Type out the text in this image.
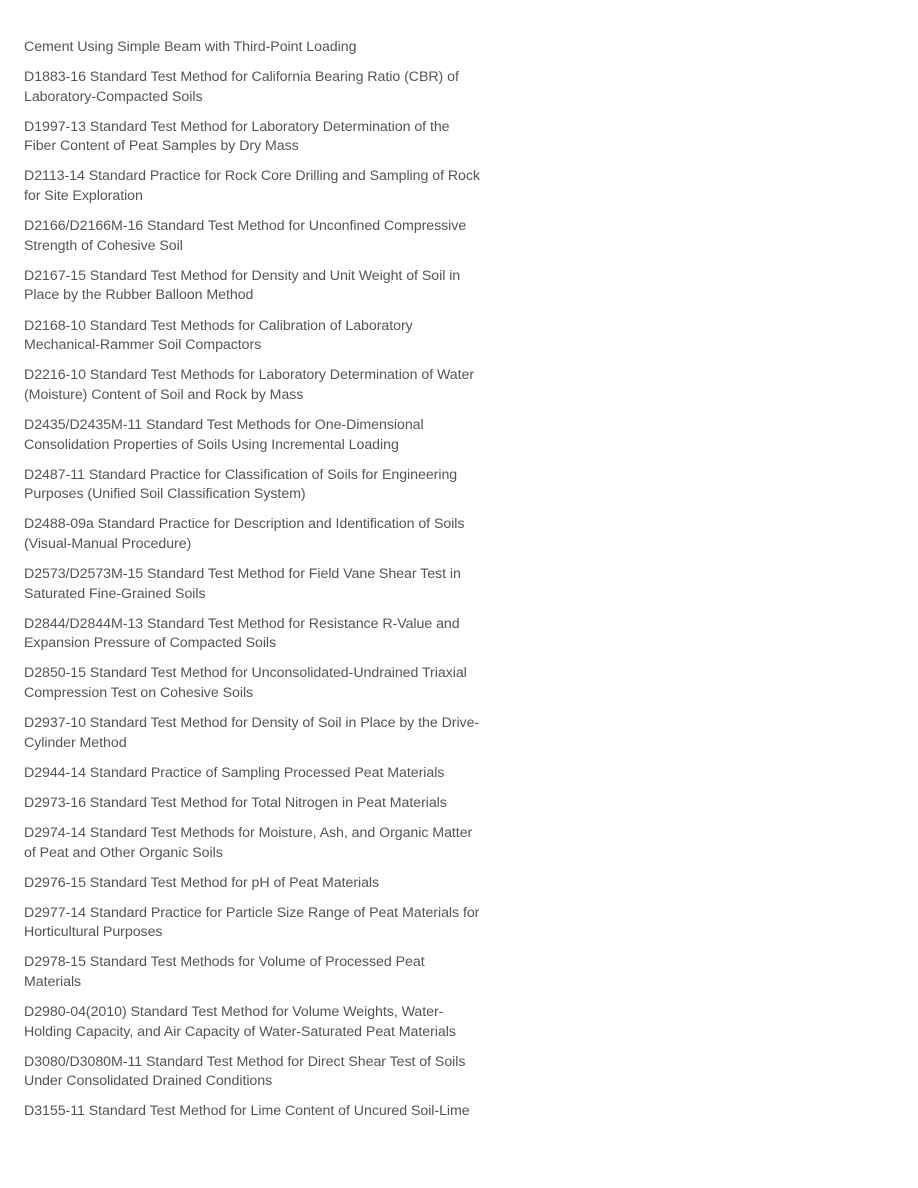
Cement Using Simple Beam with Third-Point Loading

D1883-16 Standard Test Method for California Bearing Ratio (CBR) of
Laboratory-Compacted Soils

D1997-13 Standard Test Method for Laboratory Determination of the
Fiber Content of Peat Samples by Dry Mass

D2113-14 Standard Practice for Rock Core Drilling and Sampling of Rock
for Site Exploration

D2166/D2166M-16 Standard Test Method for Unconfined Compressive
Strength of Cohesive Soil

D2167-15 Standard Test Method for Density and Unit Weight of Soil in
Place by the Rubber Balloon Method

D2168-10 Standard Test Methods for Calibration of Laboratory
Mechanical-Rammer Soil Compactors

D2216-10 Standard Test Methods for Laboratory Determination of Water
(Moisture) Content of Soil and Rock by Mass

D2435/D2435M-11 Standard Test Methods for One-Dimensional
Consolidation Properties of Soils Using Incremental Loading

D2487-11 Standard Practice for Classification of Soils for Engineering
Purposes (Unified Soil Classification System)

D2488-09a Standard Practice for Description and Identification of Soils
(Visual-Manual Procedure)

D2573/D2573M-15 Standard Test Method for Field Vane Shear Test in
Saturated Fine-Grained Soils

D2844/D2844M-13 Standard Test Method for Resistance R-Value and
Expansion Pressure of Compacted Soils

D2850-15 Standard Test Method for Unconsolidated-Undrained Triaxial
Compression Test on Cohesive Soils

D2937-10 Standard Test Method for Density of Soil in Place by the Drive-
Cylinder Method

D2944-14 Standard Practice of Sampling Processed Peat Materials

D2973-16 Standard Test Method for Total Nitrogen in Peat Materials

D2974-14 Standard Test Methods for Moisture, Ash, and Organic Matter
of Peat and Other Organic Soils

D2976-15 Standard Test Method for pH of Peat Materials

D2977-14 Standard Practice for Particle Size Range of Peat Materials for
Horticultural Purposes

D2978-15 Standard Test Methods for Volume of Processed Peat
Materials

D2980-04(2010) Standard Test Method for Volume Weights, Water-
Holding Capacity, and Air Capacity of Water-Saturated Peat Materials

D3080/D3080M-11 Standard Test Method for Direct Shear Test of Soils
Under Consolidated Drained Conditions

D3155-11 Standard Test Method for Lime Content of Uncured Soil-Lime
